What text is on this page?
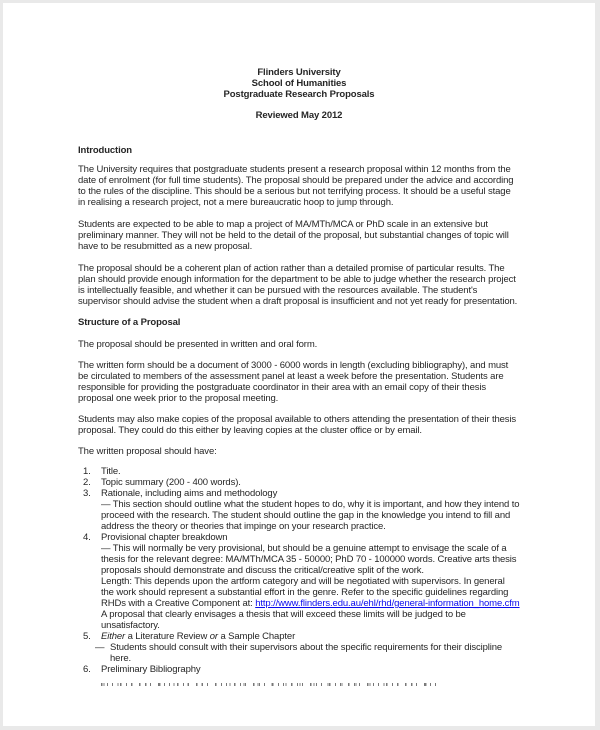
Flinders University
School of Humanities
Postgraduate Research Proposals
Reviewed May 2012
Introduction

The University requires that postgraduate students present a research proposal within 12 months from the date of enrolment (for full time students). The proposal should be prepared under the advice and according to the rules of the discipline. This should be a serious but not terrifying process. It should be a useful stage in realising a research project, not a mere bureaucratic hoop to jump through.

Students are expected to be able to map a project of MA/MTh/MCA or PhD scale in an extensive but preliminary manner. They will not be held to the detail of the proposal, but substantial changes of topic will have to be resubmitted as a new proposal.

The proposal should be a coherent plan of action rather than a detailed promise of particular results. The plan should provide enough information for the department to be able to judge whether the research project is intellectually feasible, and whether it can be pursued with the resources available. The student's supervisor should advise the student when a draft proposal is insufficient and not yet ready for presentation.

Structure of a Proposal

The proposal should be presented in written and oral form.

The written form should be a document of 3000 - 6000 words in length (excluding bibliography), and must be circulated to members of the assessment panel at least a week before the presentation. Students are responsible for providing the postgraduate coordinator in their area with an email copy of their thesis proposal one week prior to the proposal meeting.

Students may also make copies of the proposal available to others attending the presentation of their thesis proposal. They could do this either by leaving copies at the cluster office or by email.

The written proposal should have:

1. Title.
2. Topic summary (200 - 400 words).
3. Rationale, including aims and methodology
— This section should outline what the student hopes to do, why it is important, and how they intend to proceed with the research. The student should outline the gap in the knowledge you intend to fill and address the theory or theories that impinge on your research practice.
4. Provisional chapter breakdown
— This will normally be very provisional, but should be a genuine attempt to envisage the scale of a thesis for the relevant degree: MA/MTh/MCA 35 - 50000; PhD 70 - 100000 words. Creative arts thesis proposals should demonstrate and discuss the critical/creative split of the work.
Length: This depends upon the artform category and will be negotiated with supervisors. In general the work should represent a substantial effort in the genre. Refer to the specific guidelines regarding RHDs with a Creative Component at: http://www.flinders.edu.au/ehl/rhd/general-information_home.cfm
A proposal that clearly envisages a thesis that will exceed these limits will be judged to be unsatisfactory.
5. Either a Literature Review or a Sample Chapter
— Students should consult with their supervisors about the specific requirements for their discipline here.
6. Preliminary Bibliography
